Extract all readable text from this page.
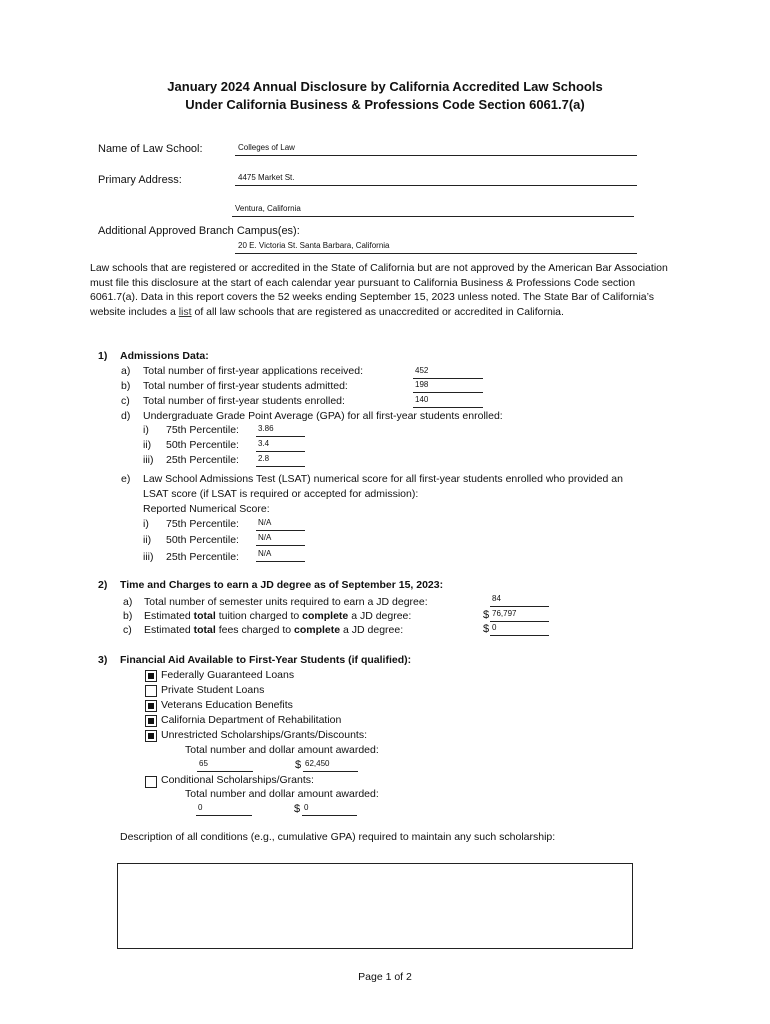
January 2024 Annual Disclosure by California Accredited Law Schools
Under California Business & Professions Code Section 6061.7(a)
Name of Law School:	Colleges of Law
Primary Address:	4475 Market St.
Ventura, California
Additional Approved Branch Campus(es):
20 E. Victoria St. Santa Barbara, California
Law schools that are registered or accredited in the State of California but are not approved by the American Bar Association must file this disclosure at the start of each calendar year pursuant to California Business & Professions Code section 6061.7(a). Data in this report covers the 52 weeks ending September 15, 2023 unless noted. The State Bar of California’s website includes a list of all law schools that are registered as unaccredited or accredited in California.
1) Admissions Data:
a) Total number of first-year applications received:	452
b) Total number of first-year students admitted:	198
c) Total number of first-year students enrolled:	140
d) Undergraduate Grade Point Average (GPA) for all first-year students enrolled:
i) 75th Percentile: 3.86
ii) 50th Percentile: 3.4
iii) 25th Percentile: 2.8
e) Law School Admissions Test (LSAT) numerical score for all first-year students enrolled who provided an
LSAT score (if LSAT is required or accepted for admission):
Reported Numerical Score:
i) 75th Percentile: N/A
ii) 50th Percentile: N/A
iii) 25th Percentile: N/A
2) Time and Charges to earn a JD degree as of September 15, 2023:
a) Total number of semester units required to earn a JD degree:	84
b) Estimated total tuition charged to complete a JD degree:	$ 76,797
c) Estimated total fees charged to complete a JD degree:	$ 0
3) Financial Aid Available to First-Year Students (if qualified):
Federally Guaranteed Loans
Private Student Loans
Veterans Education Benefits
California Department of Rehabilitation
Unrestricted Scholarships/Grants/Discounts:
Total number and dollar amount awarded:
65	$ 62,450
Conditional Scholarships/Grants:
Total number and dollar amount awarded:
0	$ 0
Description of all conditions (e.g., cumulative GPA) required to maintain any such scholarship:
Page 1 of 2
